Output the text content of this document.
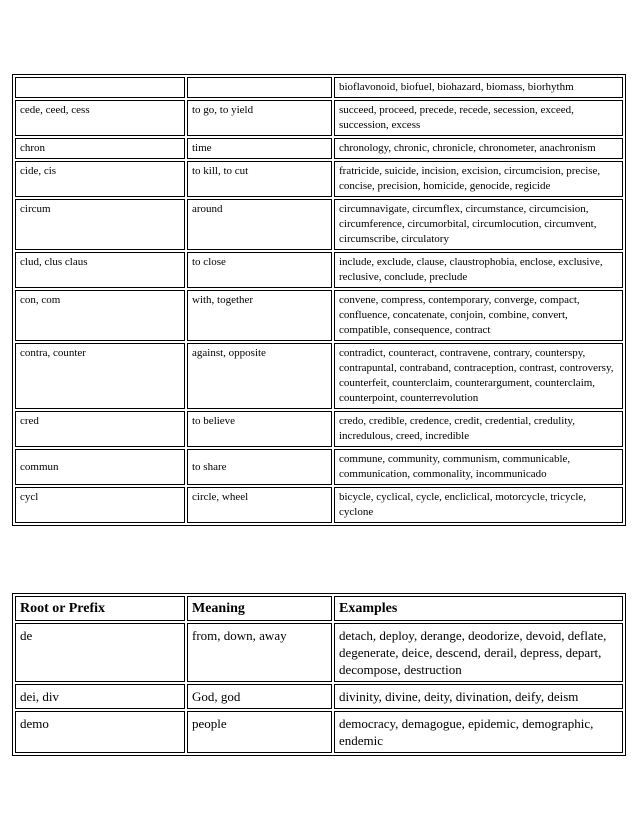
		bioflavonoid, biofuel, biohazard, biomass, biorhythm
cede, ceed, cess	to go, to yield	succeed, proceed, precede, recede, secession, exceed, succession, excess
chron	time	chronology, chronic, chronicle, chronometer, anachronism
cide, cis	to kill, to cut	fratricide, suicide, incision, excision, circumcision, precise, concise, precision, homicide, genocide, regicide
circum	around	circumnavigate, circumflex, circumstance, circumcision, circumference, circumorbital, circumlocution, circumvent, circumscribe, circulatory
clud, clus claus	to close	include, exclude, clause, claustrophobia, enclose, exclusive, reclusive, conclude, preclude
con, com	with, together	convene, compress, contemporary, converge, compact, confluence, concatenate, conjoin, combine, convert, compatible, consequence, contract
contra, counter	against, opposite	contradict, counteract, contravene, contrary, counterspy, contrapuntal, contraband, contraception, contrast, controversy, counterfeit, counterclaim, counterargument, counterclaim, counterpoint, counterrevolution
cred	to believe	credo, credible, credence, credit, credential, credulity, incredulous, creed, incredible
commun	to share	commune, community, communism, communicable, communication, commonality, incommunicado
cycl	circle, wheel	bicycle, cyclical, cycle, encliclical, motorcycle, tricycle, cyclone
Root or Prefix	Meaning	Examples
de	from, down, away	detach, deploy, derange, deodorize, devoid, deflate, degenerate, deice, descend, derail, depress, depart, decompose, destruction
dei, div	God, god	divinity, divine, deity, divination, deify, deism
demo	people	democracy, demagogue, epidemic, demographic, endemic
